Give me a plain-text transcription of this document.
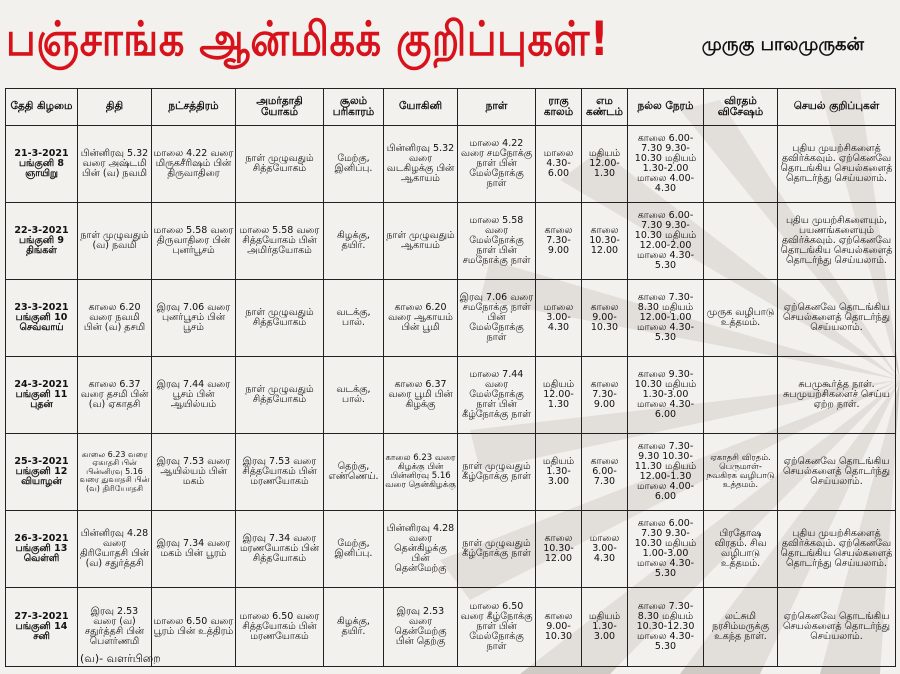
பஞ்சாங்க ஆன்மிகக் குறிப்புகள்!	முருகு பாலமுருகன்
தேதி கிழமை	திதி	நட்சத்திரம்	அமர்தாதி யோகம்	சூலம் பரிகாரம்	யோகினி	நாள்	ராகு காலம்	எம கண்டம்	நல்ல நேரம்	விரதம் விசேஷம்	செயல் குறிப்புகள்
21-3-2021 பங்குனி 8 ஞாயிறு	பின்னிரவு 5.32 வரை அஷ்டமி பின் (வ) நவமி	மாலை 4.22 வரை மிருகசீரிஷம் பின் திருவாதிரை	நாள் முழுவதும் சித்தயோகம்	மேற்கு, இனிப்பு.	பின்னிரவு 5.32 வரை வடகிழக்கு பின் ஆகாயம்	மாலை 4.22 வரை சமநோக்கு நாள் பின் மேல்நோக்கு நாள்	மாலை 4.30-6.00	மதியம் 12.00-1.30	காலை 6.00-7.30 9.30-10.30 மதியம் 1.30-2.00 மாலை 4.00-4.30		புதிய முயற்சிகளைத் தவிர்க்கவும். ஏற்கெனவே தொடங்கிய செயல்களைத் தொடர்ந்து செய்யலாம்.
22-3-2021 பங்குனி 9 திங்கள்	நாள் முழுவதும் (வ) நவமி	மாலை 5.58 வரை திருவாதிரை பின் புனர்பூசம்	மாலை 5.58 வரை சித்தயோகம் பின் அமிர்தயோகம்	கிழக்கு, தயிர்.	நாள் முழுவதும் ஆகாயம்	மாலை 5.58 வரை மேல்நோக்கு நாள் பின் சமநோக்கு நாள்	காலை 7.30-9.00	காலை 10.30-12.00	காலை 6.00-7.30 9.30-10.30 மதியம் 12.00-2.00 மாலை 4.30-5.30		புதிய முயற்சிகளையும், பயணங்களையும் தவிர்க்கவும். ஏற்கெனவே தொடங்கிய செயல்களைத் தொடர்ந்து செய்யலாம்.
23-3-2021 பங்குனி 10 செவ்வாய்	காலை 6.20 வரை நவமி பின் (வ) தசமி	இரவு 7.06 வரை புனர்பூசம் பின் பூசம்	நாள் முழுவதும் சித்தயோகம்	வடக்கு, பால்.	காலை 6.20 வரை ஆகாயம் பின் பூமி	இரவு 7.06 வரை சமநோக்கு நாள் பின் மேல்நோக்கு நாள்	மாலை 3.00-4.30	காலை 9.00-10.30	காலை 7.30-8.30 மதியம் 12.00-1.00 மாலை 4.30-5.30	முருக வழிபாடு உத்தமம்.	ஏற்கெனவே தொடங்கிய செயல்களைத் தொடர்ந்து செய்யலாம்.
24-3-2021 பங்குனி 11 புதன்	காலை 6.37 வரை தசமி பின் (வ) ஏகாதசி	இரவு 7.44 வரை பூசம் பின் ஆயில்யம்	நாள் முழுவதும் சித்தயோகம்	வடக்கு, பால்.	காலை 6.37 வரை பூமி பின் கிழக்கு	மாலை 7.44 வரை மேல்நோக்கு நாள் பின் கீழ்நோக்கு நாள்	மதியம் 12.00-1.30	காலை 7.30-9.00	காலை 9.30-10.30 மதியம் 1.30-3.00 மாலை 4.30-6.00		சுபமுகூர்த்த நாள். சுபமுயற்சிகளைச் செய்ய ஏற்ற நாள்.
25-3-2021 பங்குனி 12 வியாழன்	காலை 6.23 வரை ஏகாதசி பின் பின்னிரவு 5.16 வரை துவாதசி பின் (வ) திரியோதசி	இரவு 7.53 வரை ஆயில்யம் பின் மகம்	இரவு 7.53 வரை சித்தயோகம் பின் மரணயோகம்	தெற்கு, எண்ணெய்.	காலை 6.23 வரை கிழக்கு பின் பின்னிரவு 5.16 வரை தென்கிழக்கு	நாள் முழுவதும் கீழ்நோக்கு நாள்	மதியம் 1.30-3.00	காலை 6.00-7.30	காலை 7.30-9.30 10.30-11.30 மதியம் 12.00-1.30 மாலை 4.00-6.00	ஏகாதசி விரதம். பெருமாள்-நவகிரக வழிபாடு உத்தமம்.	ஏற்கெனவே தொடங்கிய செயல்களைத் தொடர்ந்து செய்யலாம்.
26-3-2021 பங்குனி 13 வெள்ளி	பின்னிரவு 4.28 வரை திரியோதசி பின் (வ) சதுர்த்தசி	இரவு 7.34 வரை மகம் பின் பூரம்	இரவு 7.34 வரை மரணயோகம் பின் சித்தயோகம்	மேற்கு, இனிப்பு.	பின்னிரவு 4.28 வரை தென்கிழக்கு பின் தென்மேற்கு	நாள் முழுவதும் கீழ்நோக்கு நாள்	காலை 10.30-12.00	மாலை 3.00-4.30	காலை 6.00-7.30 9.30-10.30 மதியம் 1.00-3.00 மாலை 4.30-5.30	பிரதோஷ விரதம். சிவ வழிபாடு உத்தமம்.	புதிய முயற்சிகளைத் தவிர்க்கவும். ஏற்கெனவே தொடங்கிய செயல்களைத் தொடர்ந்து செய்யலாம்.
27-3-2021 பங்குனி 14 சனி	இரவு 2.53 வரை (வ) சதுர்த்தசி பின் பௌர்ணமி	மாலை 6.50 வரை பூரம் பின் உத்திரம்	மாலை 6.50 வரை சித்தயோகம் பின் மரணயோகம்	கிழக்கு, தயிர்.	இரவு 2.53 வரை தென்மேற்கு பின் தெற்கு	மாலை 6.50 வரை கீழ்நோக்கு நாள் பின் மேல்நோக்கு நாள்	காலை 9.00-10.30	மதியம் 1.30-3.00	காலை 7.30-8.30 மதியம் 10.30-12.30 மாலை 4.30-5.30	லட்சுமி நரசிம்மருக்கு உகந்த நாள்.	ஏற்கெனவே தொடங்கிய செயல்களைத் தொடர்ந்து செய்யலாம்.
(வ)- வளர்பிறை
